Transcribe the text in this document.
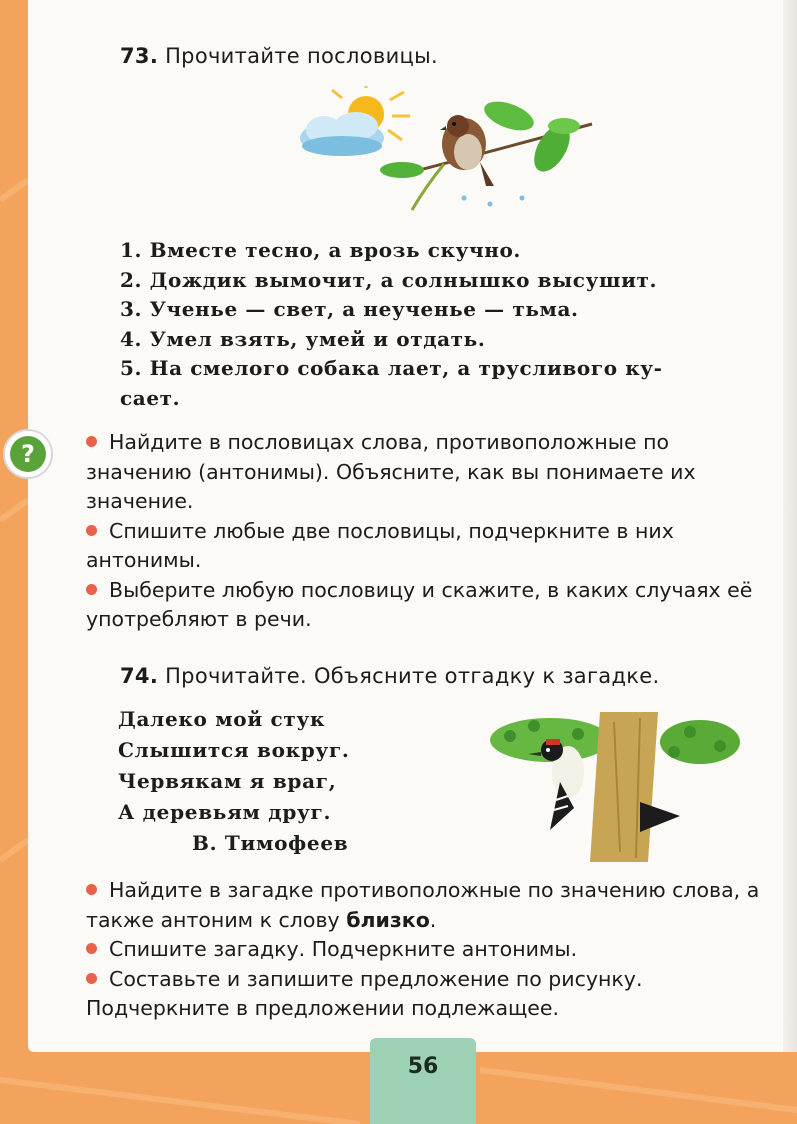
73. Прочитайте пословицы.
1. Вместе тесно, а врозь скучно.
2. Дождик вымочит, а солнышко высушит.
3. Ученье — свет, а неученье — тьма.
4. Умел взять, умей и отдать.
5. На смелого собака лает, а трусливого ку-
сает.
?	Найдите в пословицах слова, противоположные по значению (антонимы). Объясните, как вы понимаете их значение.

Спишите любые две пословицы, подчеркните в них антонимы.

Выберите любую пословицу и скажите, в каких случаях её употребляют в речи.

74. Прочитайте. Объясните отгадку к загадке.
Далеко мой стук
Слышится вокруг.
Червякам я враг,
А деревьям друг.
В. Тимофеев

Найдите в загадке противоположные по значению слова, а также антоним к слову близко.

Спишите загадку. Подчеркните антонимы.

Составьте и запишите предложение по рисунку. Подчеркните в предложении подлежащее.

56
